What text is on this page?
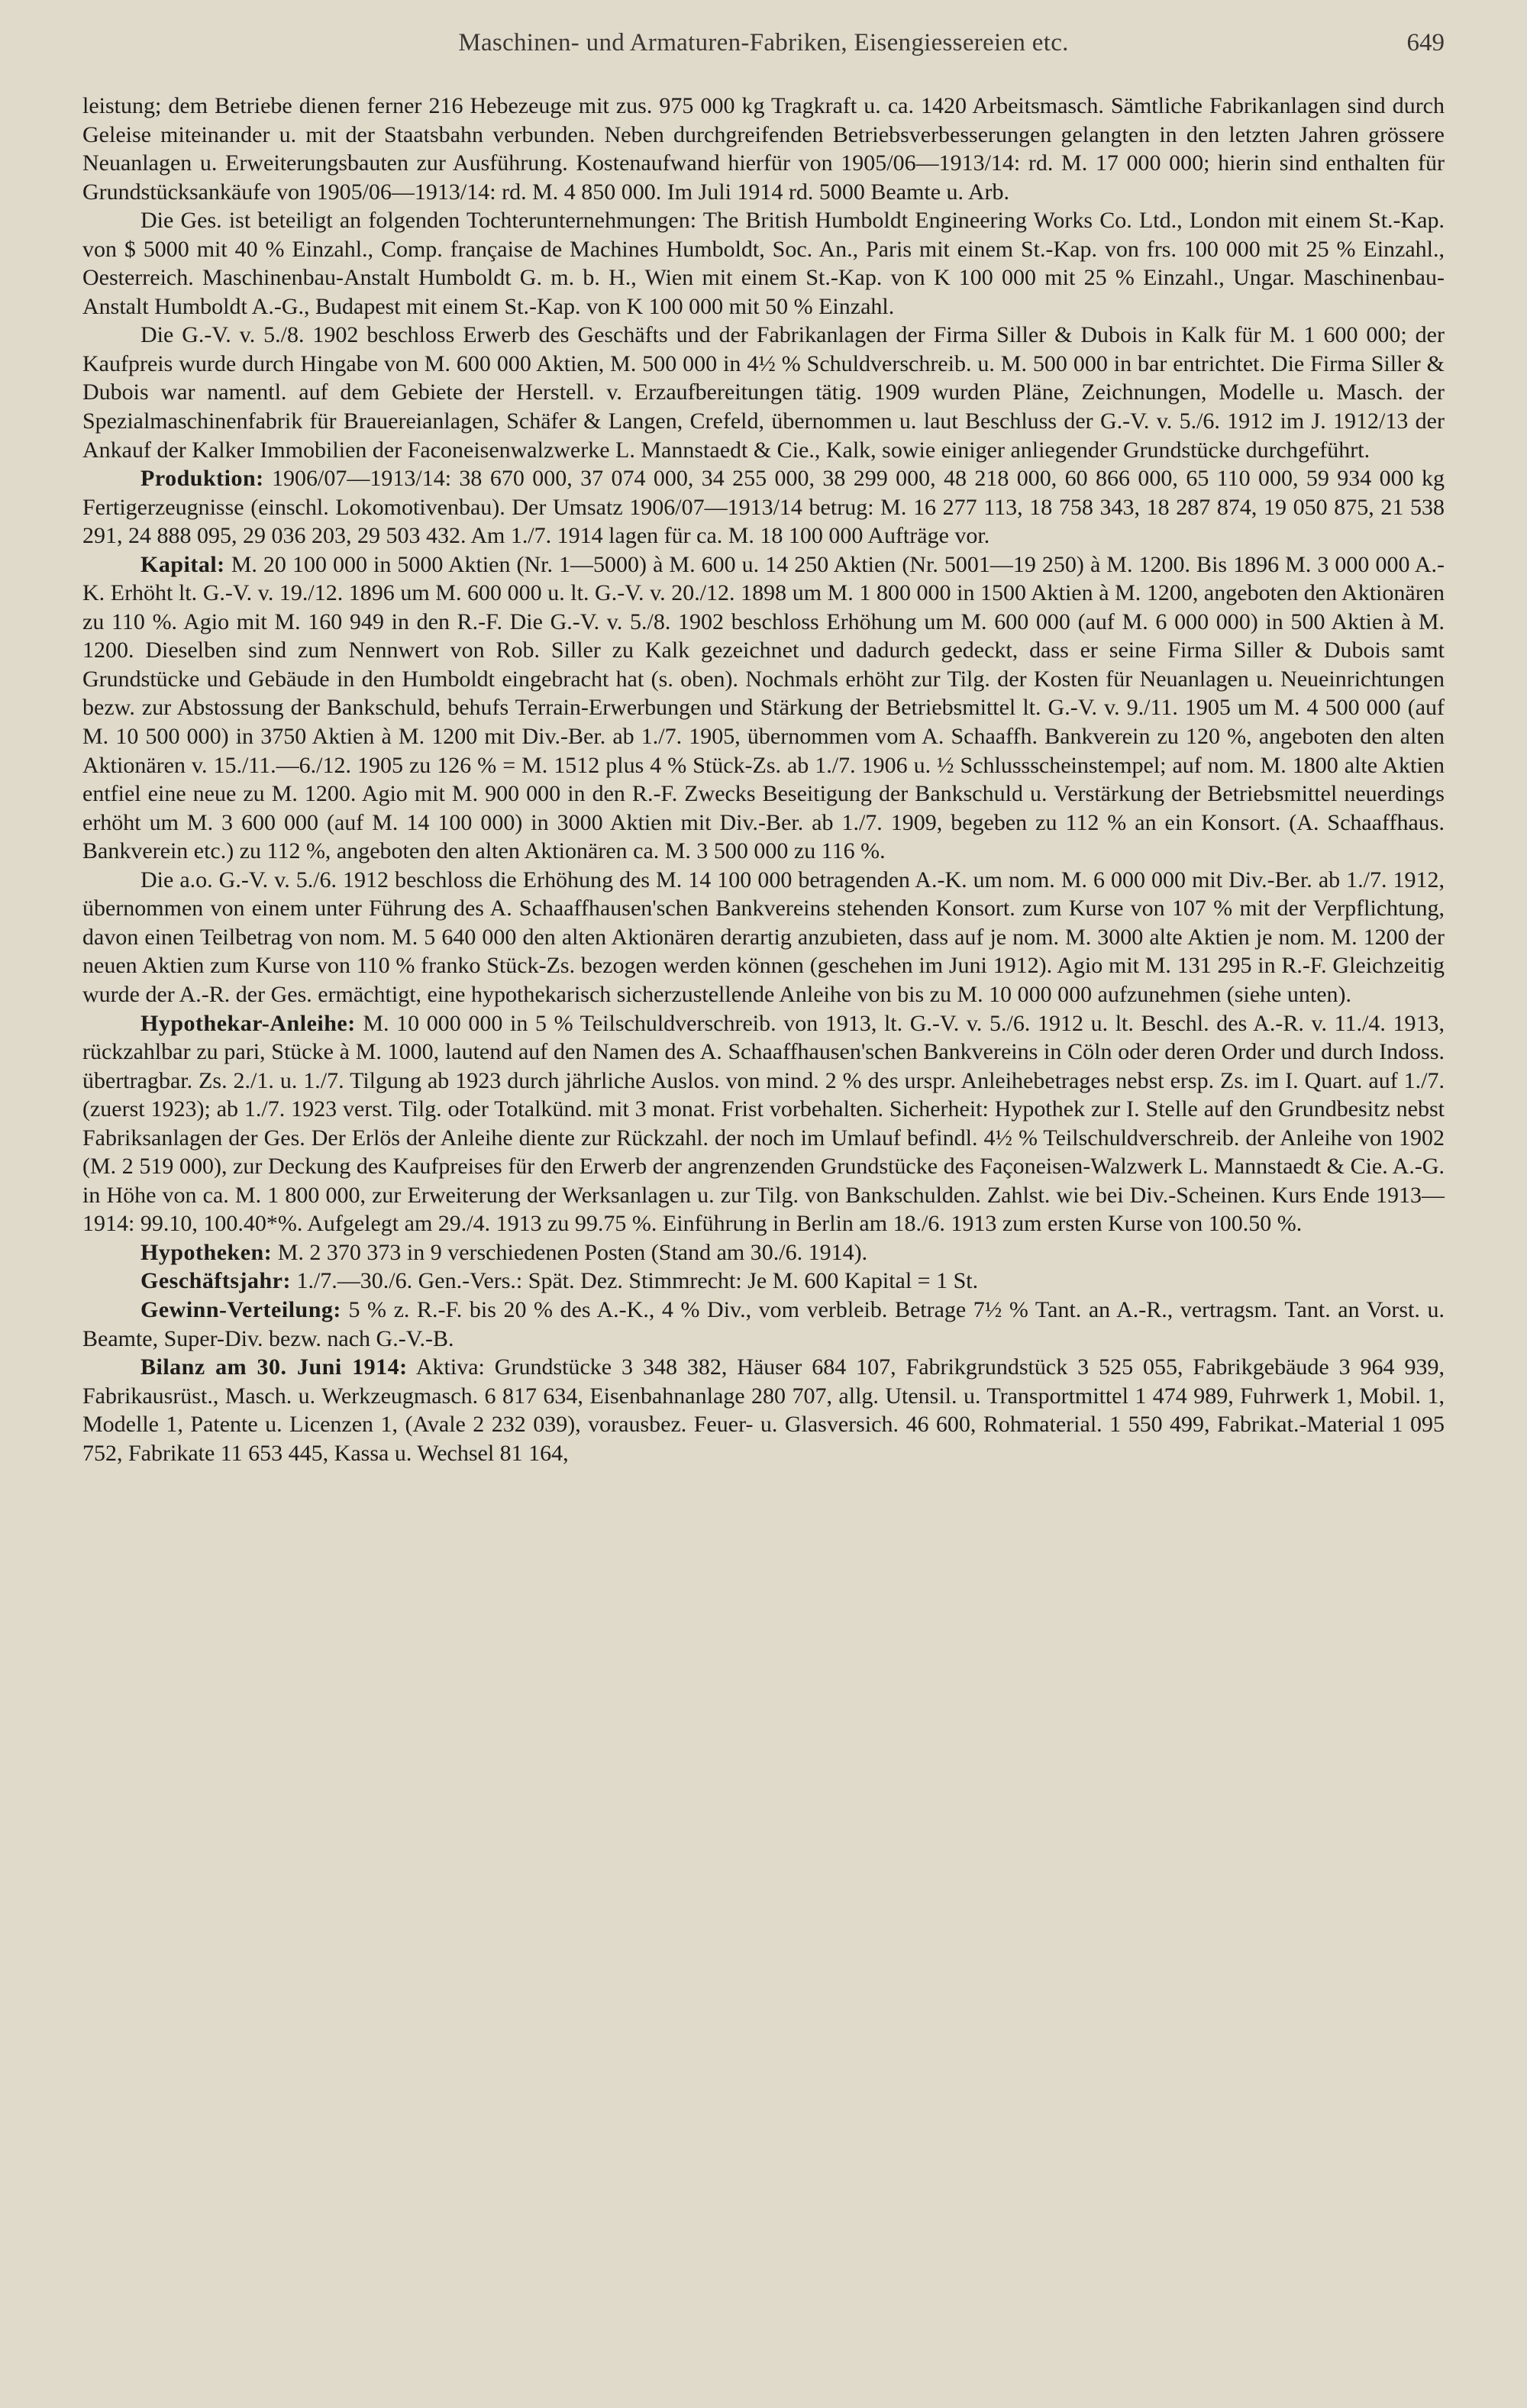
Maschinen- und Armaturen-Fabriken, Eisengiessereien etc.	649

leistung; dem Betriebe dienen ferner 216 Hebezeuge mit zus. 975 000 kg Tragkraft u. ca. 1420 Arbeitsmasch. Sämtliche Fabrikanlagen sind durch Geleise miteinander u. mit der Staatsbahn verbunden. Neben durchgreifenden Betriebsverbesserungen gelangten in den letzten Jahren grössere Neuanlagen u. Erweiterungsbauten zur Ausführung. Kostenaufwand hierfür von 1905/06—1913/14: rd. M. 17 000 000; hierin sind enthalten für Grundstücksankäufe von 1905/06—1913/14: rd. M. 4 850 000. Im Juli 1914 rd. 5000 Beamte u. Arb.

Die Ges. ist beteiligt an folgenden Tochterunternehmungen: The British Humboldt Engineering Works Co. Ltd., London mit einem St.-Kap. von $ 5000 mit 40 % Einzahl., Comp. française de Machines Humboldt, Soc. An., Paris mit einem St.-Kap. von frs. 100 000 mit 25 % Einzahl., Oesterreich. Maschinenbau-Anstalt Humboldt G. m. b. H., Wien mit einem St.-Kap. von K 100 000 mit 25 % Einzahl., Ungar. Maschinenbau-Anstalt Humboldt A.-G., Budapest mit einem St.-Kap. von K 100 000 mit 50 % Einzahl.

Die G.-V. v. 5./8. 1902 beschloss Erwerb des Geschäfts und der Fabrikanlagen der Firma Siller & Dubois in Kalk für M. 1 600 000; der Kaufpreis wurde durch Hingabe von M. 600 000 Aktien, M. 500 000 in 4½ % Schuldverschreib. u. M. 500 000 in bar entrichtet. Die Firma Siller & Dubois war namentl. auf dem Gebiete der Herstell. v. Erzaufbereitungen tätig. 1909 wurden Pläne, Zeichnungen, Modelle u. Masch. der Spezialmaschinenfabrik für Brauereianlagen, Schäfer & Langen, Crefeld, übernommen u. laut Beschluss der G.-V. v. 5./6. 1912 im J. 1912/13 der Ankauf der Kalker Immobilien der Faconeisenwalzwerke L. Mannstaedt & Cie., Kalk, sowie einiger anliegender Grundstücke durchgeführt.

Produktion: 1906/07—1913/14: 38 670 000, 37 074 000, 34 255 000, 38 299 000, 48 218 000, 60 866 000, 65 110 000, 59 934 000 kg Fertigerzeugnisse (einschl. Lokomotivenbau). Der Umsatz 1906/07—1913/14 betrug: M. 16 277 113, 18 758 343, 18 287 874, 19 050 875, 21 538 291, 24 888 095, 29 036 203, 29 503 432. Am 1./7. 1914 lagen für ca. M. 18 100 000 Aufträge vor.

Kapital: M. 20 100 000 in 5000 Aktien (Nr. 1—5000) à M. 600 u. 14 250 Aktien (Nr. 5001—19 250) à M. 1200. Bis 1896 M. 3 000 000 A.-K. Erhöht lt. G.-V. v. 19./12. 1896 um M. 600 000 u. lt. G.-V. v. 20./12. 1898 um M. 1 800 000 in 1500 Aktien à M. 1200, angeboten den Aktionären zu 110 %. Agio mit M. 160 949 in den R.-F. Die G.-V. v. 5./8. 1902 beschloss Erhöhung um M. 600 000 (auf M. 6 000 000) in 500 Aktien à M. 1200. Dieselben sind zum Nennwert von Rob. Siller zu Kalk gezeichnet und dadurch gedeckt, dass er seine Firma Siller & Dubois samt Grundstücke und Gebäude in den Humboldt eingebracht hat (s. oben). Nochmals erhöht zur Tilg. der Kosten für Neuanlagen u. Neueinrichtungen bezw. zur Abstossung der Bankschuld, behufs Terrain-Erwerbungen und Stärkung der Betriebsmittel lt. G.-V. v. 9./11. 1905 um M. 4 500 000 (auf M. 10 500 000) in 3750 Aktien à M. 1200 mit Div.-Ber. ab 1./7. 1905, übernommen vom A. Schaaffh. Bankverein zu 120 %, angeboten den alten Aktionären v. 15./11.—6./12. 1905 zu 126 % = M. 1512 plus 4 % Stück-Zs. ab 1./7. 1906 u. ½ Schlussscheinstempel; auf nom. M. 1800 alte Aktien entfiel eine neue zu M. 1200. Agio mit M. 900 000 in den R.-F. Zwecks Beseitigung der Bankschuld u. Verstärkung der Betriebsmittel neuerdings erhöht um M. 3 600 000 (auf M. 14 100 000) in 3000 Aktien mit Div.-Ber. ab 1./7. 1909, begeben zu 112 % an ein Konsort. (A. Schaaffhaus. Bankverein etc.) zu 112 %, angeboten den alten Aktionären ca. M. 3 500 000 zu 116 %.

Die a.o. G.-V. v. 5./6. 1912 beschloss die Erhöhung des M. 14 100 000 betragenden A.-K. um nom. M. 6 000 000 mit Div.-Ber. ab 1./7. 1912, übernommen von einem unter Führung des A. Schaaffhausen'schen Bankvereins stehenden Konsort. zum Kurse von 107 % mit der Verpflichtung, davon einen Teilbetrag von nom. M. 5 640 000 den alten Aktionären derartig anzubieten, dass auf je nom. M. 3000 alte Aktien je nom. M. 1200 der neuen Aktien zum Kurse von 110 % franko Stück-Zs. bezogen werden können (geschehen im Juni 1912). Agio mit M. 131 295 in R.-F. Gleichzeitig wurde der A.-R. der Ges. ermächtigt, eine hypothekarisch sicherzustellende Anleihe von bis zu M. 10 000 000 aufzunehmen (siehe unten).

Hypothekar-Anleihe: M. 10 000 000 in 5 % Teilschuldverschreib. von 1913, lt. G.-V. v. 5./6. 1912 u. lt. Beschl. des A.-R. v. 11./4. 1913, rückzahlbar zu pari, Stücke à M. 1000, lautend auf den Namen des A. Schaaffhausen'schen Bankvereins in Cöln oder deren Order und durch Indoss. übertragbar. Zs. 2./1. u. 1./7. Tilgung ab 1923 durch jährliche Auslos. von mind. 2 % des urspr. Anleihebetrages nebst ersp. Zs. im I. Quart. auf 1./7. (zuerst 1923); ab 1./7. 1923 verst. Tilg. oder Totalkünd. mit 3 monat. Frist vorbehalten. Sicherheit: Hypothek zur I. Stelle auf den Grundbesitz nebst Fabriksanlagen der Ges. Der Erlös der Anleihe diente zur Rückzahl. der noch im Umlauf befindl. 4½ % Teilschuldverschreib. der Anleihe von 1902 (M. 2 519 000), zur Deckung des Kaufpreises für den Erwerb der angrenzenden Grundstücke des Façoneisen-Walzwerk L. Mannstaedt & Cie. A.-G. in Höhe von ca. M. 1 800 000, zur Erweiterung der Werksanlagen u. zur Tilg. von Bankschulden. Zahlst. wie bei Div.-Scheinen. Kurs Ende 1913—1914: 99.10, 100.40*%. Aufgelegt am 29./4. 1913 zu 99.75 %. Einführung in Berlin am 18./6. 1913 zum ersten Kurse von 100.50 %.

Hypotheken: M. 2 370 373 in 9 verschiedenen Posten (Stand am 30./6. 1914).

Geschäftsjahr: 1./7.—30./6. Gen.-Vers.: Spät. Dez. Stimmrecht: Je M. 600 Kapital = 1 St.

Gewinn-Verteilung: 5 % z. R.-F. bis 20 % des A.-K., 4 % Div., vom verbleib. Betrage 7½ % Tant. an A.-R., vertragsm. Tant. an Vorst. u. Beamte, Super-Div. bezw. nach G.-V.-B.

Bilanz am 30. Juni 1914: Aktiva: Grundstücke 3 348 382, Häuser 684 107, Fabrikgrundstück 3 525 055, Fabrikgebäude 3 964 939, Fabrikausrüst., Masch. u. Werkzeugmasch. 6 817 634, Eisenbahnanlage 280 707, allg. Utensil. u. Transportmittel 1 474 989, Fuhrwerk 1, Mobil. 1, Modelle 1, Patente u. Licenzen 1, (Avale 2 232 039), vorausbez. Feuer- u. Glasversich. 46 600, Rohmaterial. 1 550 499, Fabrikat.-Material 1 095 752, Fabrikate 11 653 445, Kassa u. Wechsel 81 164,
